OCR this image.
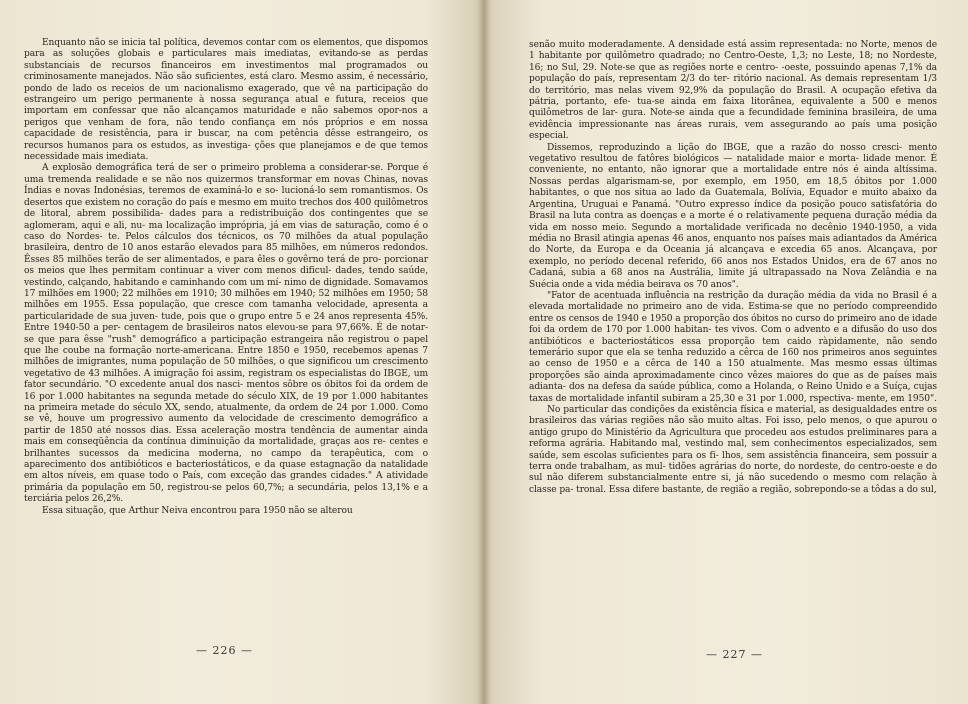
Enquanto não se inicia tal política, devemos contar com os elementos, que dispomos para as soluções globais e particulares mais imediatas, evitando-se as perdas substanciais de recursos financeiros em investimentos mal programados ou criminosamente manejados. Não são suficientes, está claro. Mesmo assim, é necessário, pondo de lado os receios de um nacionalismo exagerado, que vê na participação do estrangeiro um perigo permanente à nossa segurança atual e futura, receios que importam em confessar que não alcançamos maturidade e não sabemos opor-nos a perigos que venham de fora, não tendo confiança em nós próprios e em nossa capacidade de resistência, para ir buscar, na com petência dêsse estrangeiro, os recursos humanos para os estudos, as investiga- ções que planejamos e de que temos necessidade mais imediata.

A explosão demográfica terá de ser o primeiro problema a considerar-se. Porque é uma tremenda realidade e se não nos quizermos transformar em novas Chinas, novas Índias e novas Indonésias, teremos de examiná-lo e so- lucioná-lo sem romantismos. Os desertos que existem no coração do país e mesmo em muito trechos dos 400 quilômetros de litoral, abrem possibilida- dades para a redistribuição dos contingentes que se aglomeram, aqui e ali, nu- ma localização imprópria, já em vias de saturação, como é o caso do Nordes- te. Pelos cálculos dos técnicos, os 70 milhões da atual população brasileira, dentro de 10 anos estarão elevados para 85 milhões, em números redondos. Êsses 85 milhões terão de ser alimentados, e para êles o govêrno terá de pro- porcionar os meios que lhes permitam continuar a viver com menos dificul- dades, tendo saúde, vestindo, calçando, habitando e caminhando com um mí- nimo de dignidade. Somavamos 17 milhões em 1900; 22 milhões em 1910; 30 milhões em 1940; 52 milhões em 1950; 58 milhões em 1955. Essa população, que cresce com tamanha velocidade, apresenta a particularidade de sua juven- tude, pois que o grupo entre 5 e 24 anos representa 45%. Entre 1940-50 a per- centagem de brasileiros natos elevou-se para 97,66%. É de notar-se que para êsse "rush" demográfico a participação estrangeira não registrou o papel que lhe coube na formação norte-americana. Entre 1850 e 1950, recebemos apenas 7 milhões de imigrantes, numa população de 50 milhões, o que significou um crescimento vegetativo de 43 milhões. A imigração foi assim, registram os especialistas do IBGE, um fator secundário. "O excedente anual dos nasci- mentos sôbre os óbitos foi da ordem de 16 por 1.000 habitantes na segunda metade do século XIX, de 19 por 1.000 habitantes na primeira metade do século XX, sendo, atualmente, da ordem de 24 por 1.000. Como se vê, houve um progressivo aumento da velocidade de crescimento demográfico a partir de 1850 até nossos dias. Essa aceleração mostra tendência de aumentar ainda mais em conseqüência da contínua diminuição da mortalidade, graças aos re- centes e brilhantes sucessos da medicina moderna, no campo da terapêutica, com o aparecimento dos antibióticos e bacteriostáticos, e da quase estagnação da natalidade em altos níveis, em quase todo o País, com exceção das grandes cidades." A atividade primária da população em 50, registrou-se pelos 60,7%; a secundária, pelos 13,1% e a terciária pelos 26,2%.

Essa situação, que Arthur Neiva encontrou para 1950 não se alterou

— 226 —

senão muito moderadamente. A densidade está assim representada: no Norte, menos de 1 habitante por quilômetro quadrado; no Centro-Oeste, 1,3; no Leste, 18; no Nordeste, 16; no Sul, 29. Note-se que as regiões norte e centro- -oeste, possuindo apenas 7,1% da população do país, representam 2/3 do ter- ritório nacional. As demais representam 1/3 do território, mas nelas vivem 92,9% da população do Brasil. A ocupação efetiva da pátria, portanto, efe- tua-se ainda em faixa litorânea, equivalente a 500 e menos quilômetros de lar- gura. Note-se ainda que a fecundidade feminina brasileira, de uma evidência impressionante nas áreas rurais, vem assegurando ao país uma posição especial.

Dissemos, reproduzindo a lição do IBGE, que a razão do nosso cresci- mento vegetativo resultou de fatôres biológicos — natalidade maior e morta- lidade menor. É conveniente, no entanto, não ignorar que a mortalidade entre nós é ainda altíssima. Nossas perdas algarismam-se, por exemplo, em 1950, em 18,5 óbitos por 1.000 habitantes, o que nos situa ao lado da Guatemala, Bolívia, Equador e muito abaixo da Argentina, Uruguai e Panamá. "Outro expresso índice da posição pouco satisfatória do Brasil na luta contra as doenças e a morte é o relativamente pequena duração média da vida em nosso meio. Segundo a mortalidade verificada no decênio 1940-1950, a vida média no Brasil atingia apenas 46 anos, enquanto nos países mais adiantados da América do Norte, da Europa e da Oceania já alcançava e excedia 65 anos. Alcançava, por exemplo, no período decenal referido, 66 anos nos Estados Unidos, era de 67 anos no Cadaná, subia a 68 anos na Austrália, limite já ultrapassado na Nova Zelândia e na Suécia onde a vida média beirava os 70 anos".

"Fator de acentuada influência na restrição da duração média da vida no Brasil é a elevada mortalidade no primeiro ano de vida. Estima-se que no período compreendido entre os censos de 1940 e 1950 a proporção dos óbitos no curso do primeiro ano de idade foi da ordem de 170 por 1.000 habitan- tes vivos. Com o advento e a difusão do uso dos antibióticos e bacteriostáticos essa proporção tem caido ràpidamente, não sendo temerário supor que ela se tenha reduzido a cêrca de 160 nos primeiros anos seguintes ao censo de 1950 e a cêrca de 140 a 150 atualmente. Mas mesmo essas últimas proporções são ainda aproximadamente cinco vêzes maiores do que as de países mais adianta- dos na defesa da saúde pública, como a Holanda, o Reino Unido e a Suíça, cujas taxas de mortalidade infantil subiram a 25,30 e 31 por 1.000, rspectiva- mente, em 1950".

No particular das condições da existência física e material, as desigualdades entre os brasileiros das várias regiões não são muito altas. Foi isso, pelo menos, o que apurou o antigo grupo do Ministério da Agricultura que procedeu aos estudos preliminares para a reforma agrária. Habitando mal, vestindo mal, sem conhecimentos especializados, sem saúde, sem escolas suficientes para os fi- lhos, sem assistência financeira, sem possuir a terra onde trabalham, as mul- tidões agrárias do norte, do nordeste, do centro-oeste e do sul não diferem substancialmente entre si, já não sucedendo o mesmo com relação à classe pa- tronal. Essa difere bastante, de região a região, sobrepondo-se a tôdas a do sul,

— 227 —
